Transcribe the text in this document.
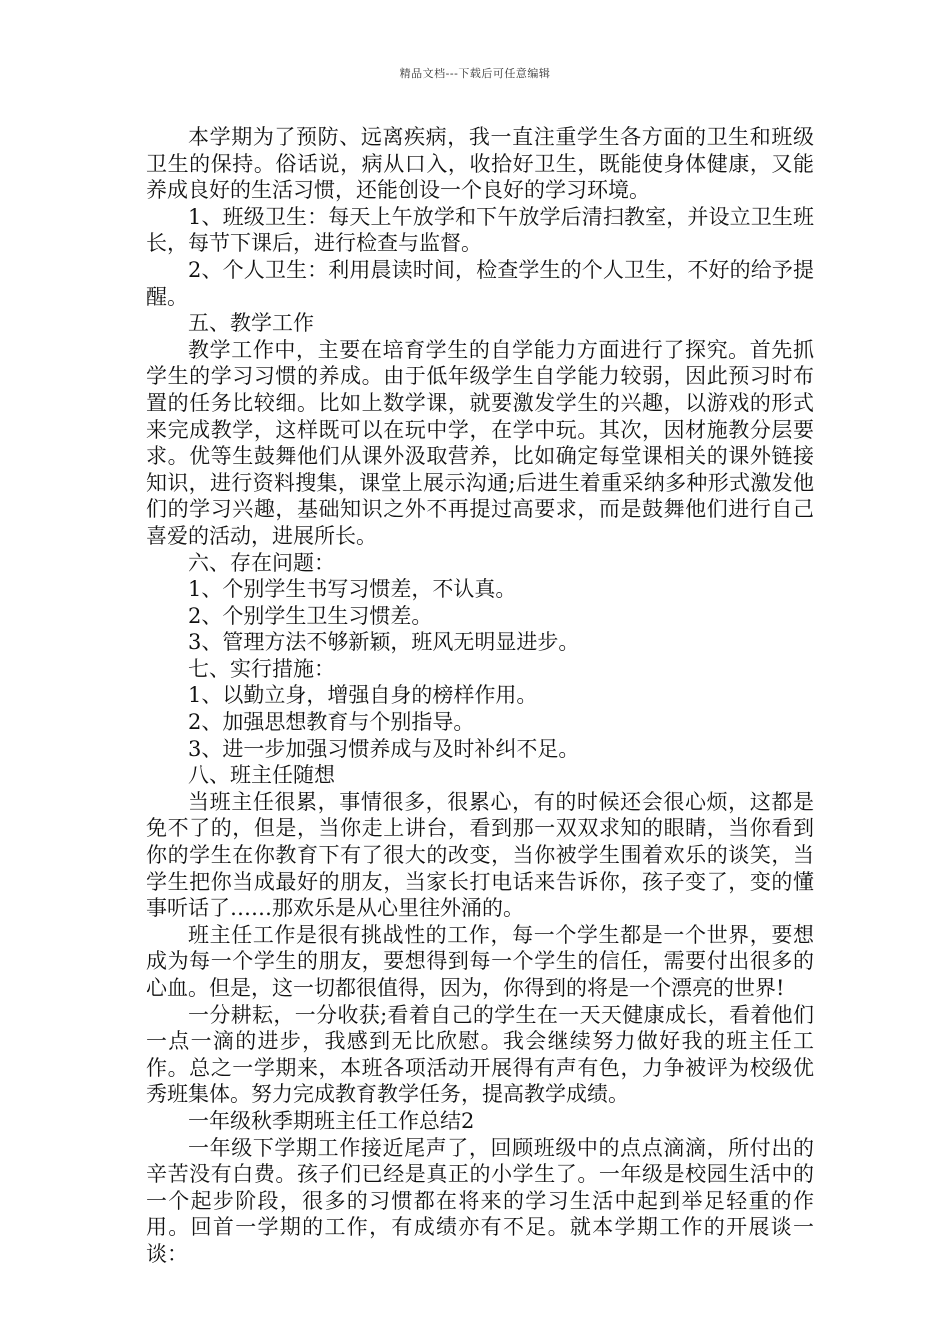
精品文档---下载后可任意编辑

本学期为了预防、远离疾病，我一直注重学生各方面的卫生和班级卫生的保持。俗话说，病从口入，收拾好卫生，既能使身体健康，又能养成良好的生活习惯，还能创设一个良好的学习环境。

1、班级卫生：每天上午放学和下午放学后清扫教室，并设立卫生班长，每节下课后，进行检查与监督。

2、个人卫生：利用晨读时间，检查学生的个人卫生，不好的给予提醒。

五、教学工作

教学工作中，主要在培育学生的自学能力方面进行了探究。首先抓学生的学习习惯的养成。由于低年级学生自学能力较弱，因此预习时布置的任务比较细。比如上数学课，就要激发学生的兴趣，以游戏的形式来完成教学，这样既可以在玩中学，在学中玩。其次，因材施教分层要求。优等生鼓舞他们从课外汲取营养，比如确定每堂课相关的课外链接知识，进行资料搜集，课堂上展示沟通;后进生着重采纳多种形式激发他们的学习兴趣，基础知识之外不再提过高要求，而是鼓舞他们进行自己喜爱的活动，进展所长。

六、存在问题：

1、个别学生书写习惯差，不认真。

2、个别学生卫生习惯差。

3、管理方法不够新颖，班风无明显进步。

七、实行措施：

1、以勤立身，增强自身的榜样作用。

2、加强思想教育与个别指导。

3、进一步加强习惯养成与及时补纠不足。

八、班主任随想

当班主任很累，事情很多，很累心，有的时候还会很心烦，这都是免不了的，但是，当你走上讲台，看到那一双双求知的眼睛，当你看到你的学生在你教育下有了很大的改变，当你被学生围着欢乐的谈笑，当学生把你当成最好的朋友，当家长打电话来告诉你，孩子变了，变的懂事听话了……那欢乐是从心里往外涌的。

班主任工作是很有挑战性的工作，每一个学生都是一个世界，要想成为每一个学生的朋友，要想得到每一个学生的信任，需要付出很多的心血。但是，这一切都很值得，因为，你得到的将是一个漂亮的世界!

一分耕耘，一分收获;看着自己的学生在一天天健康成长，看着他们一点一滴的进步，我感到无比欣慰。我会继续努力做好我的班主任工作。总之一学期来，本班各项活动开展得有声有色，力争被评为校级优秀班集体。努力完成教育教学任务，提高教学成绩。

一年级秋季期班主任工作总结2

一年级下学期工作接近尾声了，回顾班级中的点点滴滴，所付出的辛苦没有白费。孩子们已经是真正的小学生了。一年级是校园生活中的一个起步阶段，很多的习惯都在将来的学习生活中起到举足轻重的作用。回首一学期的工作，有成绩亦有不足。就本学期工作的开展谈一谈：
